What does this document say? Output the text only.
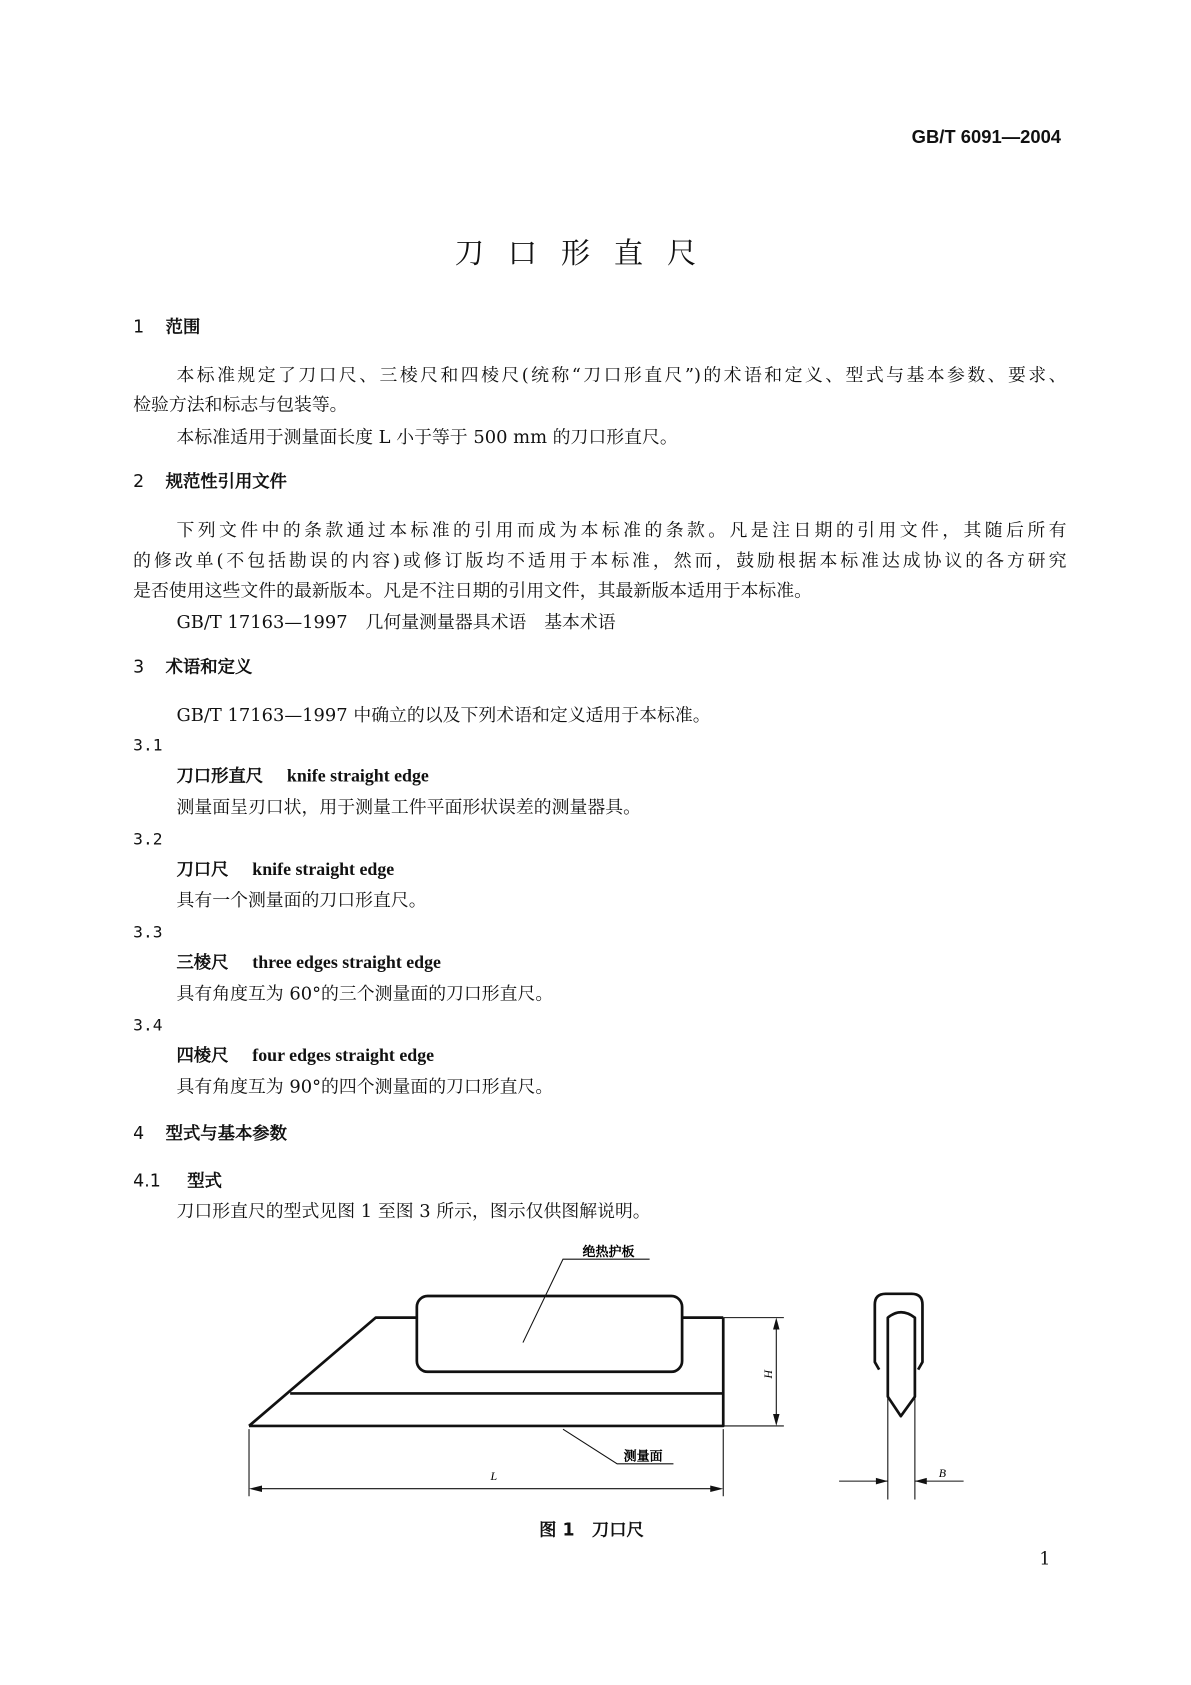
GB/T 6091—2004
刀口形直尺
1 范围
本标准规定了刀口尺、三棱尺和四棱尺(统称“刀口形直尺”)的术语和定义、型式与基本参数、要求、
检验方法和标志与包装等。
本标准适用于测量面长度 L 小于等于 500 mm 的刀口形直尺。
2 规范性引用文件
下列文件中的条款通过本标准的引用而成为本标准的条款。凡是注日期的引用文件，其随后所有
的修改单(不包括勘误的内容)或修订版均不适用于本标准，然而，鼓励根据本标准达成协议的各方研究
是否使用这些文件的最新版本。凡是不注日期的引用文件，其最新版本适用于本标准。
GB/T 17163—1997　几何量测量器具术语　基本术语
3 术语和定义
GB/T 17163—1997 中确立的以及下列术语和定义适用于本标准。
3.1
刀口形直尺 knife straight edge
测量面呈刃口状，用于测量工件平面形状误差的测量器具。
3.2
刀口尺 knife straight edge
具有一个测量面的刀口形直尺。
3.3
三棱尺 three edges straight edge
具有角度互为 60°的三个测量面的刀口形直尺。
3.4
四棱尺 four edges straight edge
具有角度互为 90°的四个测量面的刀口形直尺。
4 型式与基本参数
4.1 型式
刀口形直尺的型式见图 1 至图 3 所示，图示仅供图解说明。
绝热护板
测量面
L
H
B
图 1　刀口尺
1
